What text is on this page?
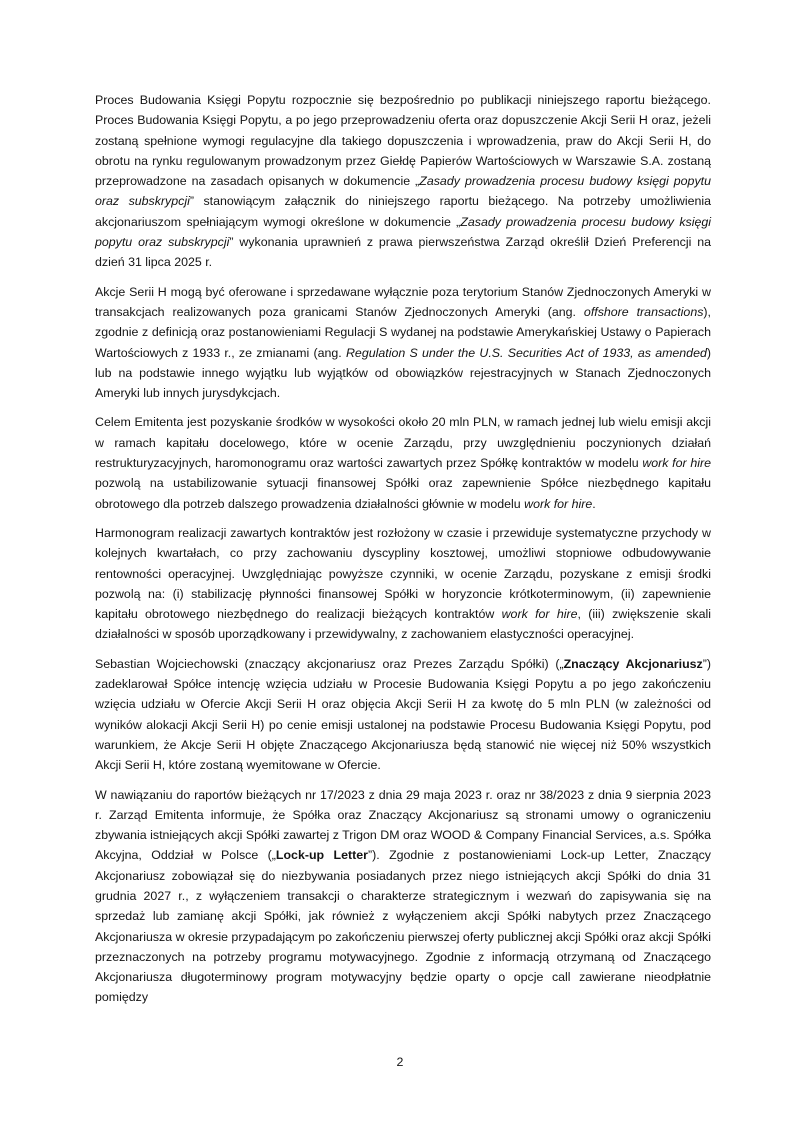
Proces Budowania Księgi Popytu rozpocznie się bezpośrednio po publikacji niniejszego raportu bieżącego. Proces Budowania Księgi Popytu, a po jego przeprowadzeniu oferta oraz dopuszczenie Akcji Serii H oraz, jeżeli zostaną spełnione wymogi regulacyjne dla takiego dopuszczenia i wprowadzenia, praw do Akcji Serii H, do obrotu na rynku regulowanym prowadzonym przez Giełdę Papierów Wartościowych w Warszawie S.A. zostaną przeprowadzone na zasadach opisanych w dokumencie „Zasady prowadzenia procesu budowy księgi popytu oraz subskrypcji” stanowiącym załącznik do niniejszego raportu bieżącego. Na potrzeby umożliwienia akcjonariuszom spełniającym wymogi określone w dokumencie „Zasady prowadzenia procesu budowy księgi popytu oraz subskrypcji” wykonania uprawnień z prawa pierwszeństwa Zarząd określił Dzień Preferencji na dzień 31 lipca 2025 r.

Akcje Serii H mogą być oferowane i sprzedawane wyłącznie poza terytorium Stanów Zjednoczonych Ameryki w transakcjach realizowanych poza granicami Stanów Zjednoczonych Ameryki (ang. offshore transactions), zgodnie z definicją oraz postanowieniami Regulacji S wydanej na podstawie Amerykańskiej Ustawy o Papierach Wartościowych z 1933 r., ze zmianami (ang. Regulation S under the U.S. Securities Act of 1933, as amended) lub na podstawie innego wyjątku lub wyjątków od obowiązków rejestracyjnych w Stanach Zjednoczonych Ameryki lub innych jurysdykcjach.

Celem Emitenta jest pozyskanie środków w wysokości około 20 mln PLN, w ramach jednej lub wielu emisji akcji w ramach kapitału docelowego, które w ocenie Zarządu, przy uwzględnieniu poczynionych działań restrukturyzacyjnych, haromonogramu oraz wartości zawartych przez Spółkę kontraktów w modelu work for hire pozwolą na ustabilizowanie sytuacji finansowej Spółki oraz zapewnienie Spółce niezbędnego kapitału obrotowego dla potrzeb dalszego prowadzenia działalności głównie w modelu work for hire.

Harmonogram realizacji zawartych kontraktów jest rozłożony w czasie i przewiduje systematyczne przychody w kolejnych kwartałach, co przy zachowaniu dyscypliny kosztowej, umożliwi stopniowe odbudowywanie rentowności operacyjnej. Uwzględniając powyższe czynniki, w ocenie Zarządu, pozyskane z emisji środki pozwolą na: (i) stabilizację płynności finansowej Spółki w horyzoncie krótkoterminowym, (ii) zapewnienie kapitału obrotowego niezbędnego do realizacji bieżących kontraktów work for hire, (iii) zwiększenie skali działalności w sposób uporządkowany i przewidywalny, z zachowaniem elastyczności operacyjnej.

Sebastian Wojciechowski (znaczący akcjonariusz oraz Prezes Zarządu Spółki) („Znaczący Akcjonariusz”) zadeklarował Spółce intencję wzięcia udziału w Procesie Budowania Księgi Popytu a po jego zakończeniu wzięcia udziału w Ofercie Akcji Serii H oraz objęcia Akcji Serii H za kwotę do 5 mln PLN (w zależności od wyników alokacji Akcji Serii H) po cenie emisji ustalonej na podstawie Procesu Budowania Księgi Popytu, pod warunkiem, że Akcje Serii H objęte Znaczącego Akcjonariusza będą stanowić nie więcej niż 50% wszystkich Akcji Serii H, które zostaną wyemitowane w Ofercie.

W nawiązaniu do raportów bieżących nr 17/2023 z dnia 29 maja 2023 r. oraz nr 38/2023 z dnia 9 sierpnia 2023 r. Zarząd Emitenta informuje, że Spółka oraz Znaczący Akcjonariusz są stronami umowy o ograniczeniu zbywania istniejących akcji Spółki zawartej z Trigon DM oraz WOOD & Company Financial Services, a.s. Spółka Akcyjna, Oddział w Polsce („Lock-up Letter”). Zgodnie z postanowieniami Lock-up Letter, Znaczący Akcjonariusz zobowiązał się do niezbywania posiadanych przez niego istniejących akcji Spółki do dnia 31 grudnia 2027 r., z wyłączeniem transakcji o charakterze strategicznym i wezwań do zapisywania się na sprzedaż lub zamianę akcji Spółki, jak również z wyłączeniem akcji Spółki nabytych przez Znaczącego Akcjonariusza w okresie przypadającym po zakończeniu pierwszej oferty publicznej akcji Spółki oraz akcji Spółki przeznaczonych na potrzeby programu motywacyjnego. Zgodnie z informacją otrzymaną od Znaczącego Akcjonariusza długoterminowy program motywacyjny będzie oparty o opcje call zawierane nieodpłatnie pomiędzy

2
